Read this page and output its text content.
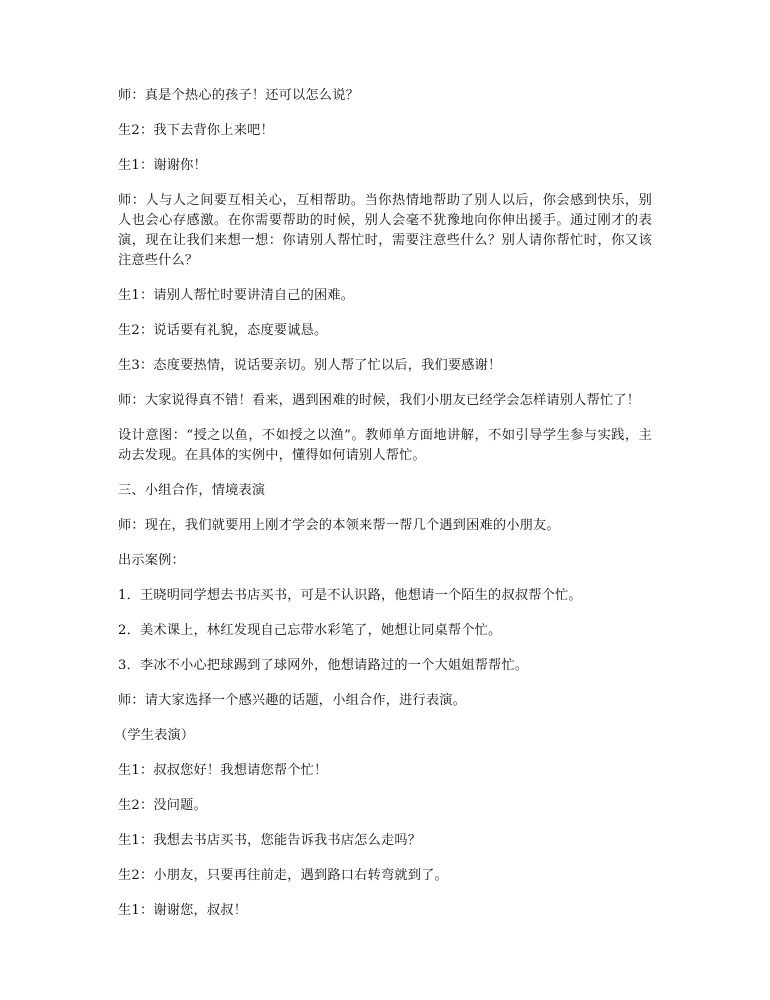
师：真是个热心的孩子！还可以怎么说？

生2：我下去背你上来吧！

生1：谢谢你！

师：人与人之间要互相关心，互相帮助。当你热情地帮助了别人以后，你会感到快乐，别人也会心存感激。在你需要帮助的时候，别人会毫不犹豫地向你伸出援手。通过刚才的表演，现在让我们来想一想：你请别人帮忙时，需要注意些什么？别人请你帮忙时，你又该注意些什么？

生1：请别人帮忙时要讲清自己的困难。

生2：说话要有礼貌，态度要诚恳。

生3：态度要热情，说话要亲切。别人帮了忙以后，我们要感谢！

师：大家说得真不错！看来，遇到困难的时候，我们小朋友已经学会怎样请别人帮忙了！

设计意图：“授之以鱼，不如授之以渔”。教师单方面地讲解，不如引导学生参与实践，主动去发现。在具体的实例中，懂得如何请别人帮忙。

三、小组合作，情境表演

师：现在，我们就要用上刚才学会的本领来帮一帮几个遇到困难的小朋友。

出示案例：

1．王晓明同学想去书店买书，可是不认识路，他想请一个陌生的叔叔帮个忙。

2．美术课上，林红发现自己忘带水彩笔了，她想让同桌帮个忙。

3．李冰不小心把球踢到了球网外，他想请路过的一个大姐姐帮帮忙。

师：请大家选择一个感兴趣的话题，小组合作，进行表演。

（学生表演）

生1：叔叔您好！我想请您帮个忙！

生2：没问题。

生1：我想去书店买书，您能告诉我书店怎么走吗？

生2：小朋友，只要再往前走，遇到路口右转弯就到了。

生1：谢谢您，叔叔！
